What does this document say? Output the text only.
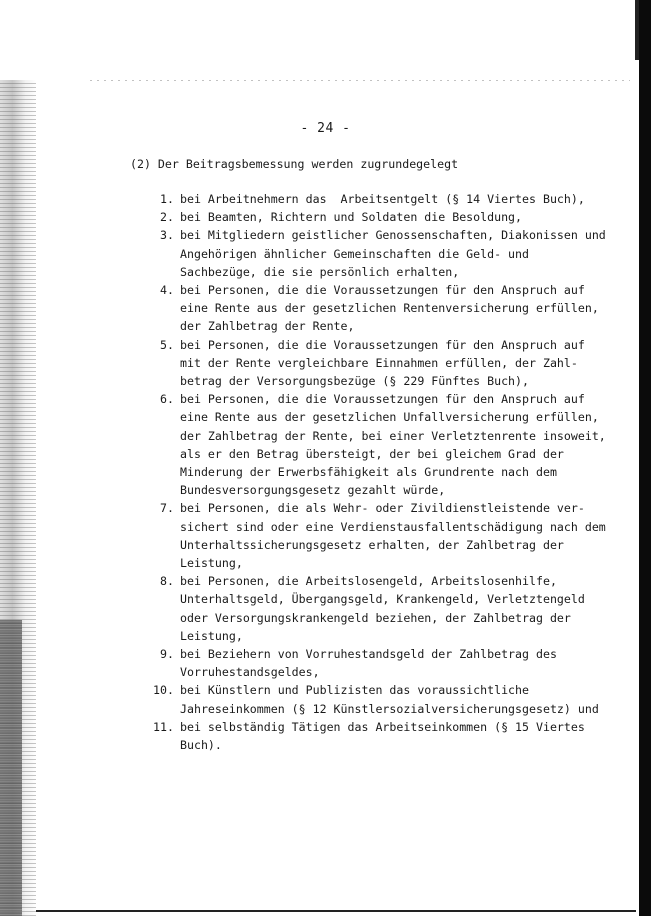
- 24 -
(2) Der Beitragsbemessung werden zugrundegelegt
1. bei Arbeitnehmern das  Arbeitsentgelt (§ 14 Viertes Buch),
2. bei Beamten, Richtern und Soldaten die Besoldung,
3. bei Mitgliedern geistlicher Genossenschaften, Diakonissen und
Angehörigen ähnlicher Gemeinschaften die Geld- und
Sachbezüge, die sie persönlich erhalten,
4. bei Personen, die die Voraussetzungen für den Anspruch auf
eine Rente aus der gesetzlichen Rentenversicherung erfüllen,
der Zahlbetrag der Rente,
5. bei Personen, die die Voraussetzungen für den Anspruch auf
mit der Rente vergleichbare Einnahmen erfüllen, der Zahl-
betrag der Versorgungsbezüge (§ 229 Fünftes Buch),
6. bei Personen, die die Voraussetzungen für den Anspruch auf
eine Rente aus der gesetzlichen Unfallversicherung erfüllen,
der Zahlbetrag der Rente, bei einer Verletztenrente insoweit,
als er den Betrag übersteigt, der bei gleichem Grad der
Minderung der Erwerbsfähigkeit als Grundrente nach dem
Bundesversorgungsgesetz gezahlt würde,
7. bei Personen, die als Wehr- oder Zivildienstleistende ver-
sichert sind oder eine Verdienstausfallentschädigung nach dem
Unterhaltssicherungsgesetz erhalten, der Zahlbetrag der
Leistung,
8. bei Personen, die Arbeitslosengeld, Arbeitslosenhilfe,
Unterhaltsgeld, Übergangsgeld, Krankengeld, Verletztengeld
oder Versorgungskrankengeld beziehen, der Zahlbetrag der
Leistung,
9. bei Beziehern von Vorruhestandsgeld der Zahlbetrag des
Vorruhestandsgeldes,
10. bei Künstlern und Publizisten das voraussichtliche
Jahreseinkommen (§ 12 Künstlersozialversicherungsgesetz) und
11. bei selbständig Tätigen das Arbeitseinkommen (§ 15 Viertes
Buch).
